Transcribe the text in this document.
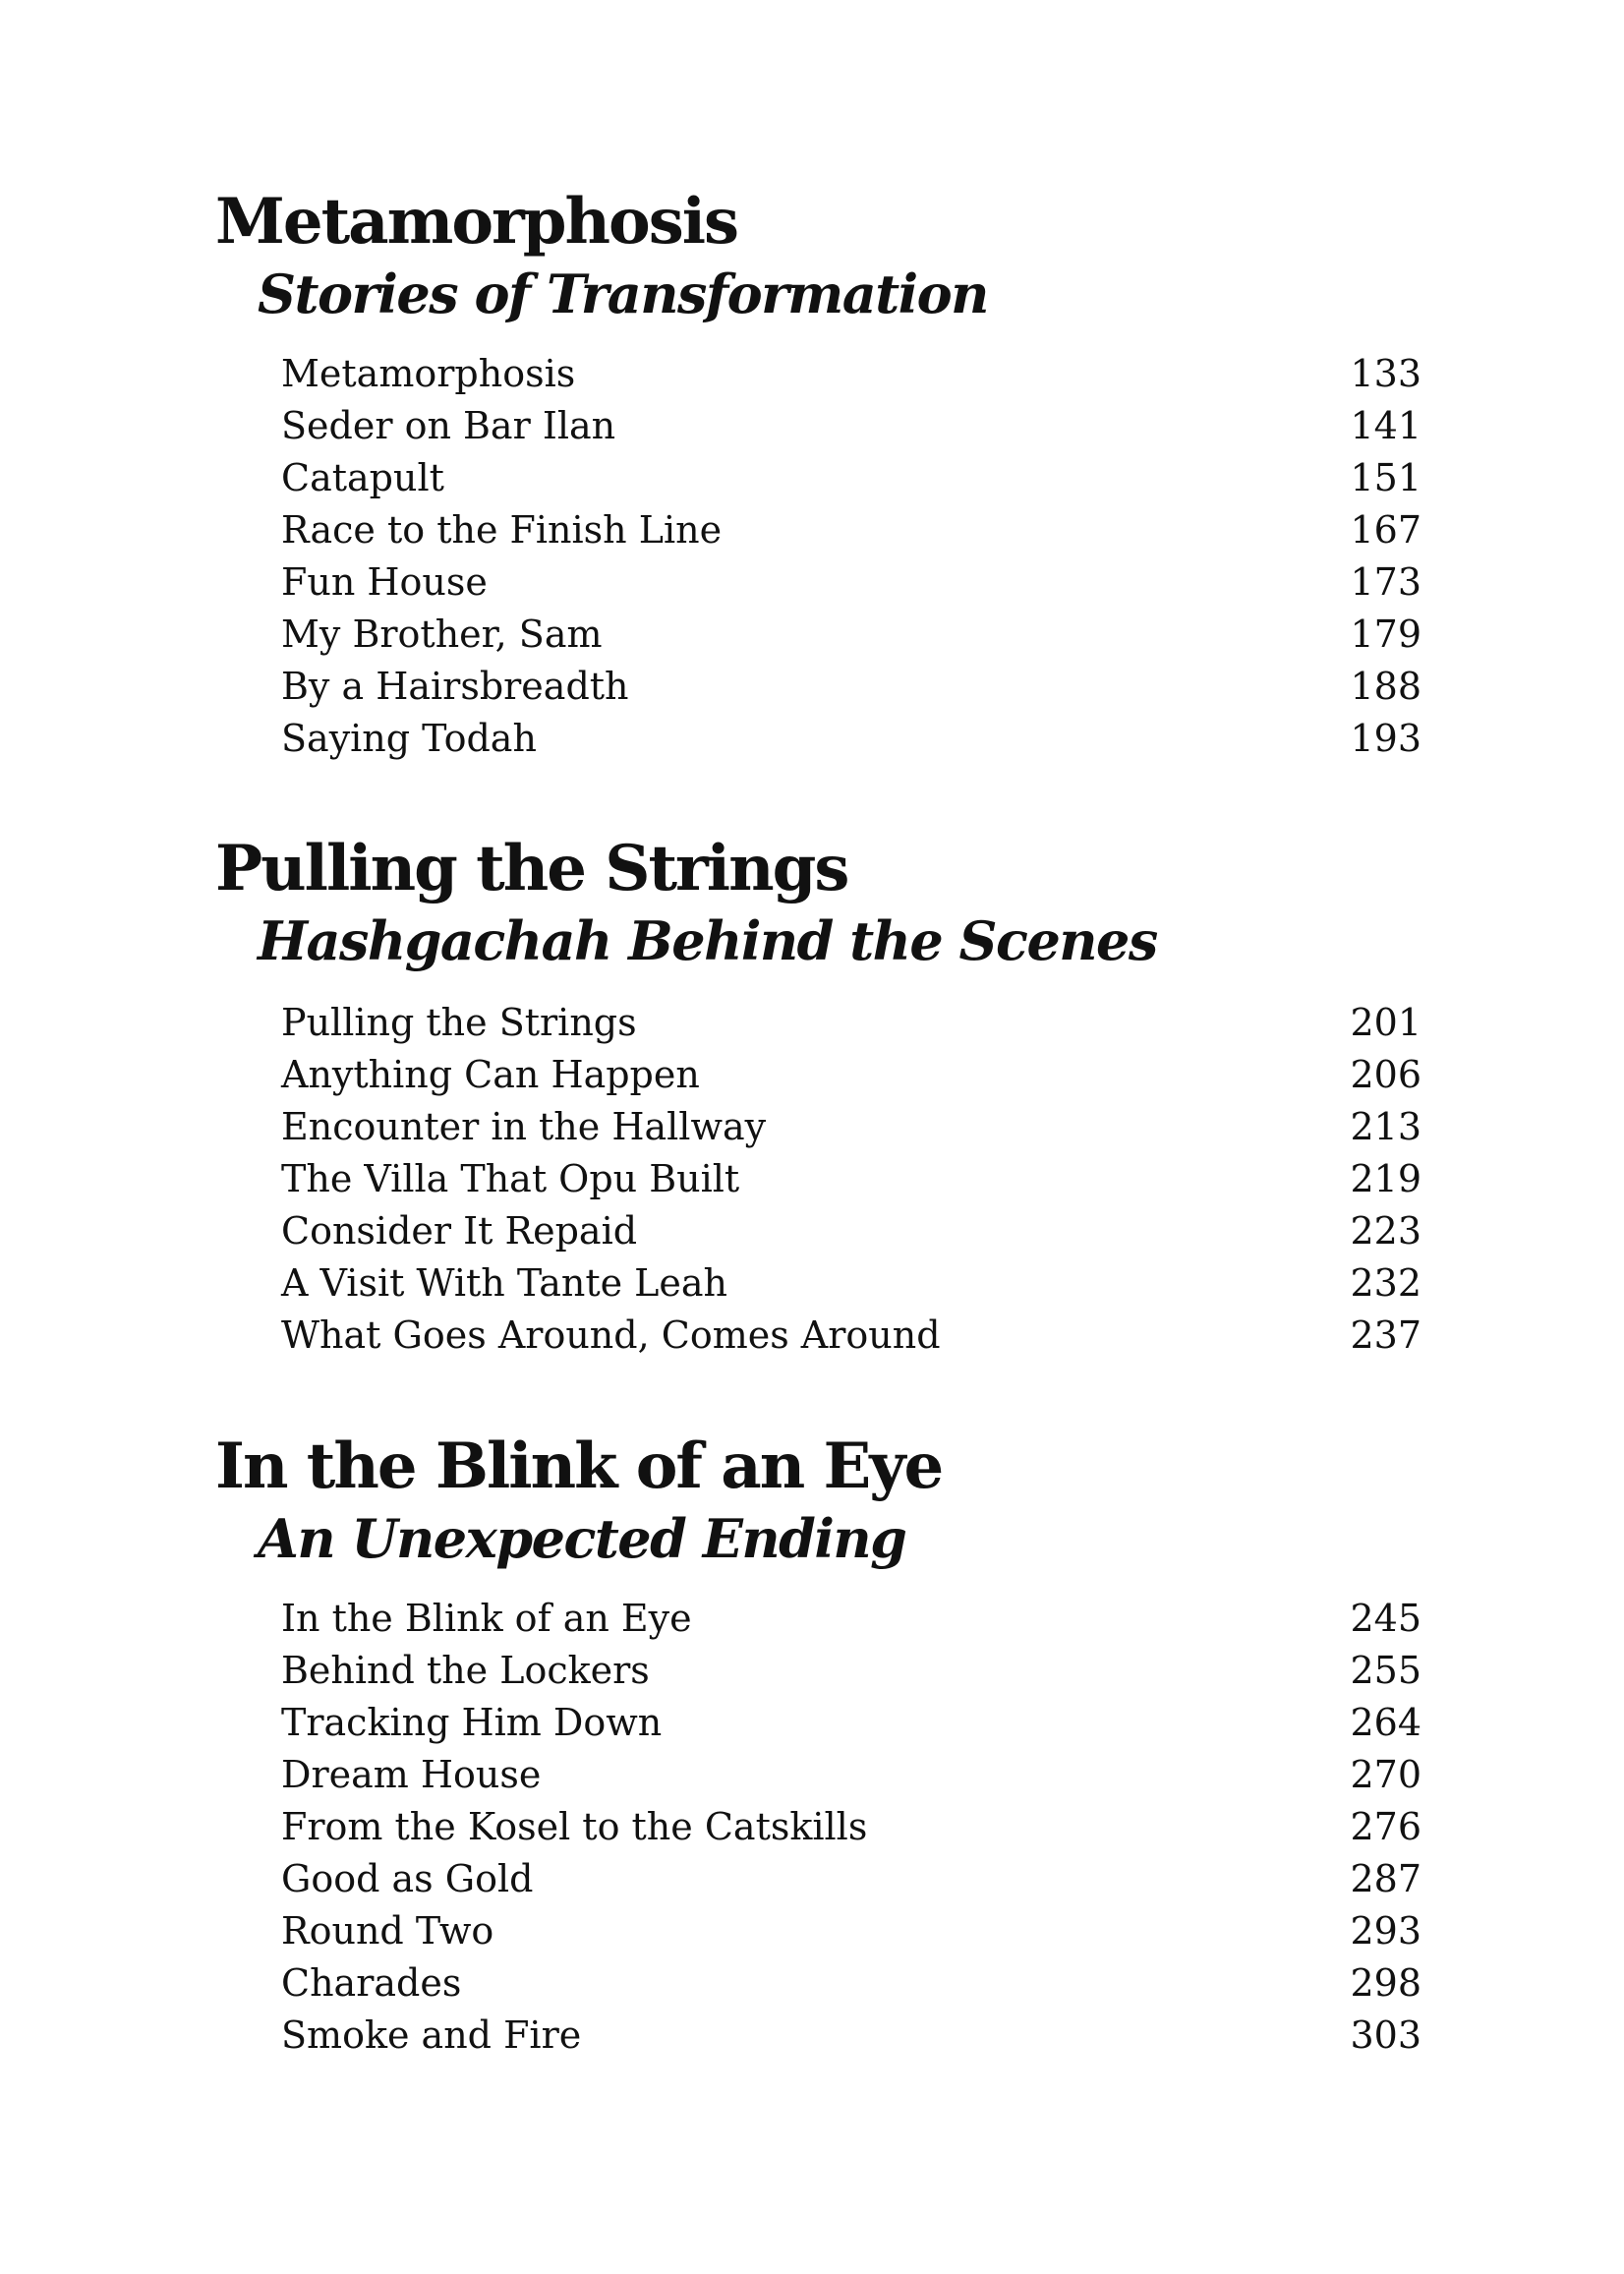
Metamorphosis
Stories of Transformation
Metamorphosis	133
Seder on Bar Ilan	141
Catapult	151
Race to the Finish Line	167
Fun House	173
My Brother, Sam	179
By a Hairsbreadth	188
Saying Todah	193
Pulling the Strings
Hashgachah Behind the Scenes
Pulling the Strings	201
Anything Can Happen	206
Encounter in the Hallway	213
The Villa That Opu Built	219
Consider It Repaid	223
A Visit With Tante Leah	232
What Goes Around, Comes Around	237
In the Blink of an Eye
An Unexpected Ending
In the Blink of an Eye	245
Behind the Lockers	255
Tracking Him Down	264
Dream House	270
From the Kosel to the Catskills	276
Good as Gold	287
Round Two	293
Charades	298
Smoke and Fire	303
